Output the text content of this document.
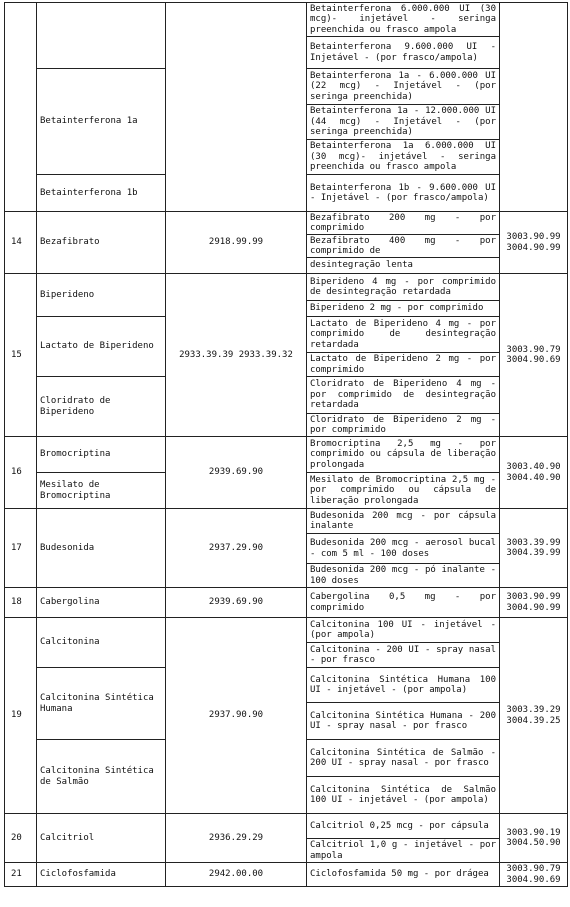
			Betainterferona 6.000.000 UI (30 mcg)- injetável - seringa preenchida ou frasco ampola	
			Betainterferona 9.600.000 UI - Injetável - (por frasco/ampola)	
	Betainterferona 1a		Betainterferona 1a - 6.000.000 UI (22 mcg) - Injetável - (por seringa preenchida)	
			Betainterferona 1a - 12.000.000 UI (44 mcg) - Injetável - (por seringa preenchida)	
			Betainterferona 1a 6.000.000 UI (30 mcg)- injetável - seringa preenchida ou frasco ampola	
	Betainterferona 1b		Betainterferona 1b - 9.600.000 UI - Injetável - (por frasco/ampola)	
14	Bezafibrato	2918.99.99	Bezafibrato 200 mg - por comprimido	3003.90.99 3004.90.99
			Bezafibrato 400 mg - por comprimido de	
			desintegração lenta	
15	Biperideno	2933.39.39 2933.39.32	Biperideno 4 mg - por comprimido de desintegração retardada	3003.90.79 3004.90.69
			Biperideno 2 mg - por comprimido	
	Lactato de Biperideno		Lactato de Biperideno 4 mg - por comprimido de desintegração retardada	
			Lactato de Biperideno 2 mg - por comprimido	
	Cloridrato de Biperideno		Cloridrato de Biperideno 4 mg - por comprimido de desintegração retardada	
			Cloridrato de Biperideno 2 mg - por comprimido	
16	Bromocriptina	2939.69.90	Bromocriptina 2,5 mg - por comprimido ou cápsula de liberação prolongada	3003.40.90 3004.40.90
	Mesilato de Bromocriptina		Mesilato de Bromocriptina 2,5 mg - por comprimido ou cápsula de liberação prolongada	
17	Budesonida	2937.29.90	Budesonida 200 mcg - por cápsula inalante	3003.39.99 3004.39.99
			Budesonida 200 mcg - aerosol bucal - com 5 ml - 100 doses	
			Budesonida 200 mcg - pó inalante - 100 doses	
18	Cabergolina	2939.69.90	Cabergolina 0,5 mg - por comprimido	3003.90.99 3004.90.99
19	Calcitonina	2937.90.90	Calcitonina 100 UI - injetável - (por ampola)	3003.39.29 3004.39.25
			Calcitonina - 200 UI - spray nasal - por frasco	
	Calcitonina Sintética Humana		Calcitonina Sintética Humana 100 UI - injetável - (por ampola)	
			Calcitonina Sintética Humana - 200 UI - spray nasal - por frasco	
	Calcitonina Sintética de Salmão		Calcitonina Sintética de Salmão - 200 UI - spray nasal - por frasco	
			Calcitonina Sintética de Salmão 100 UI - injetável - (por ampola)	
20	Calcitriol	2936.29.29	Calcitriol 0,25 mcg - por cápsula	3003.90.19 3004.50.90
			Calcitriol 1,0 g - injetável - por ampola	
21	Ciclofosfamida	2942.00.00	Ciclofosfamida 50 mg - por drágea	3003.90.79 3004.90.69
